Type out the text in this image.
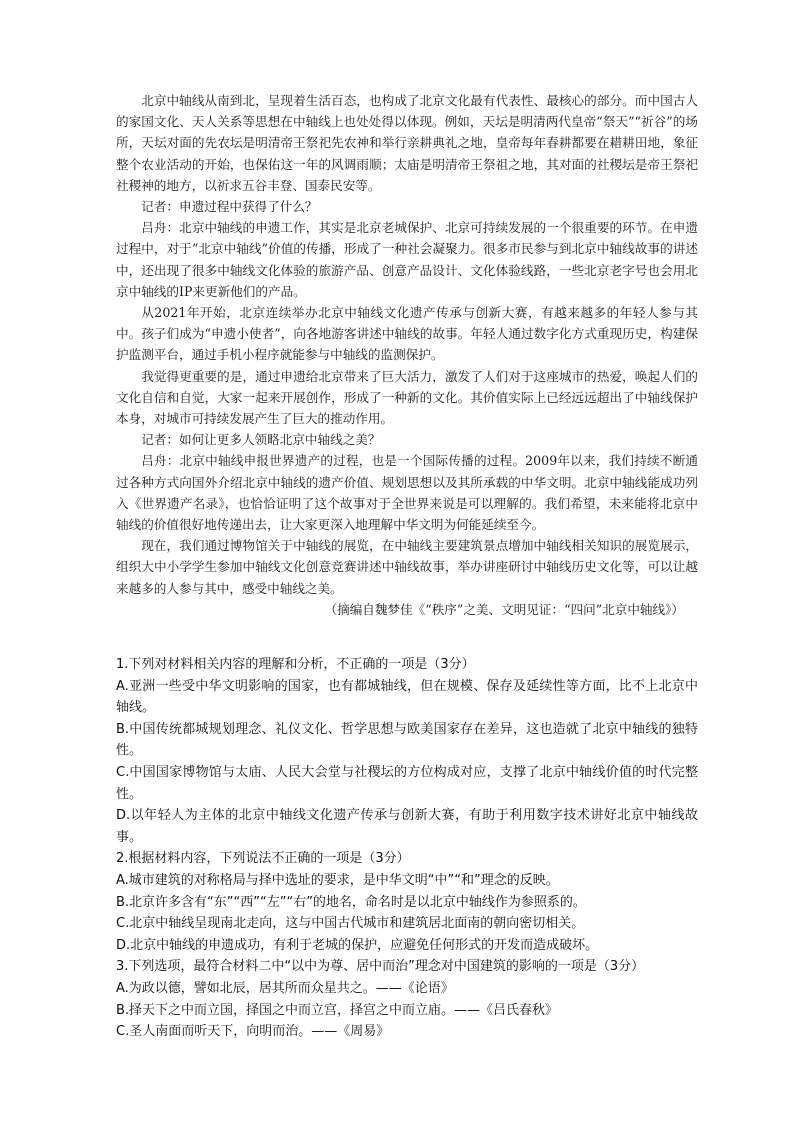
北京中轴线从南到北，呈现着生活百态，也构成了北京文化最有代表性、最核心的部分。而中国古人的家国文化、天人关系等思想在中轴线上也处处得以体现。例如，天坛是明清两代皇帝“祭天”“祈谷”的场所，天坛对面的先农坛是明清帝王祭祀先农神和举行亲耕典礼之地，皇帝每年春耕都要在耤耕田地，象征整个农业活动的开始，也保佑这一年的风调雨顺；太庙是明清帝王祭祖之地，其对面的社稷坛是帝王祭祀社稷神的地方，以祈求五谷丰登、国泰民安等。

记者：申遗过程中获得了什么？

吕舟：北京中轴线的申遗工作，其实是北京老城保护、北京可持续发展的一个很重要的环节。在申遗过程中，对于“北京中轴线”价值的传播，形成了一种社会凝聚力。很多市民参与到北京中轴线故事的讲述中，还出现了很多中轴线文化体验的旅游产品、创意产品设计、文化体验线路，一些北京老字号也会用北京中轴线的IP来更新他们的产品。

从2021年开始，北京连续举办北京中轴线文化遗产传承与创新大赛，有越来越多的年轻人参与其中。孩子们成为“申遗小使者”，向各地游客讲述中轴线的故事。年轻人通过数字化方式重现历史，构建保护监测平台，通过手机小程序就能参与中轴线的监测保护。

我觉得更重要的是，通过申遗给北京带来了巨大活力，激发了人们对于这座城市的热爱，唤起人们的文化自信和自觉，大家一起来开展创作，形成了一种新的文化。其价值实际上已经远远超出了中轴线保护本身，对城市可持续发展产生了巨大的推动作用。

记者：如何让更多人领略北京中轴线之美？

吕舟：北京中轴线申报世界遗产的过程，也是一个国际传播的过程。2009年以来，我们持续不断通过各种方式向国外介绍北京中轴线的遗产价值、规划思想以及其所承载的中华文明。北京中轴线能成功列入《世界遗产名录》，也恰恰证明了这个故事对于全世界来说是可以理解的。我们希望，未来能将北京中轴线的价值很好地传递出去，让大家更深入地理解中华文明为何能延续至今。

现在，我们通过博物馆关于中轴线的展览，在中轴线主要建筑景点增加中轴线相关知识的展览展示，组织大中小学学生参加中轴线文化创意竞赛讲述中轴线故事，举办讲座研讨中轴线历史文化等，可以让越来越多的人参与其中，感受中轴线之美。

（摘编自魏梦佳《“秩序”之美、文明见证：“四问”北京中轴线》）

1.下列对材料相关内容的理解和分析，不正确的一项是（3分）

A.亚洲一些受中华文明影响的国家，也有都城轴线，但在规模、保存及延续性等方面，比不上北京中轴线。

B.中国传统都城规划理念、礼仪文化、哲学思想与欧美国家存在差异，这也造就了北京中轴线的独特性。

C.中国国家博物馆与太庙、人民大会堂与社稷坛的方位构成对应，支撑了北京中轴线价值的时代完整性。

D.以年轻人为主体的北京中轴线文化遗产传承与创新大赛，有助于利用数字技术讲好北京中轴线故事。

2.根据材料内容，下列说法不正确的一项是（3分）

A.城市建筑的对称格局与择中选址的要求，是中华文明“中”“和”理念的反映。

B.北京许多含有“东”“西”“左”“右”的地名，命名时是以北京中轴线作为参照系的。

C.北京中轴线呈现南北走向，这与中国古代城市和建筑居北面南的朝向密切相关。

D.北京中轴线的申遗成功，有利于老城的保护，应避免任何形式的开发而造成破坏。

3.下列选项，最符合材料二中“以中为尊、居中而治”理念对中国建筑的影响的一项是（3分）

A.为政以德，譬如北辰，居其所而众星共之。——《论语》

B.择天下之中而立国，择国之中而立宫，择宫之中而立庙。——《吕氏春秋》

C.圣人南面而听天下，向明而治。——《周易》
